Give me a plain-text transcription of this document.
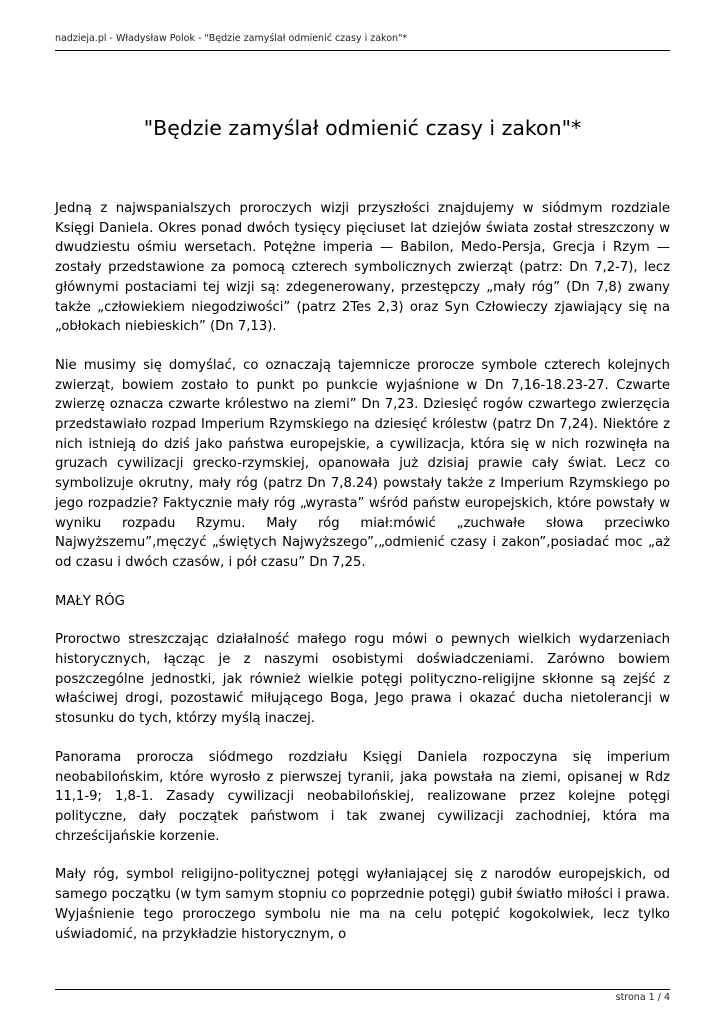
nadzieja.pl - Władysław Polok - "Będzie zamyślał odmienić czasy i zakon"*
"Będzie zamyślał odmienić czasy i zakon"*

Jedną z najwspanialszych proroczych wizji przyszłości znajdujemy w siódmym rozdziale Księgi Daniela. Okres ponad dwóch tysięcy pięciuset lat dziejów świata został streszczony w dwudziestu ośmiu wersetach. Potężne imperia — Babilon, Medo-Persja, Grecja i Rzym — zostały przedstawione za pomocą czterech symbolicznych zwierząt (patrz: Dn 7,2-7), lecz głównymi postaciami tej wizji są: zdegenerowany, przestępczy „mały róg” (Dn 7,8) zwany także „człowiekiem niegodziwości” (patrz 2Tes 2,3) oraz Syn Człowieczy zjawiający się na „obłokach niebieskich” (Dn 7,13).

Nie musimy się domyślać, co oznaczają tajemnicze prorocze symbole czterech kolejnych zwierząt, bowiem zostało to punkt po punkcie wyjaśnione w Dn 7,16-18.23-27. Czwarte zwierzę oznacza czwarte królestwo na ziemi” Dn 7,23. Dziesięć rogów czwartego zwierzęcia przedstawiało rozpad Imperium Rzymskiego na dziesięć królestw (patrz Dn 7,24). Niektóre z nich istnieją do dziś jako państwa europejskie, a cywilizacja, która się w nich rozwinęła na gruzach cywilizacji grecko-rzymskiej, opanowała już dzisiaj prawie cały świat. Lecz co symbolizuje okrutny, mały róg (patrz Dn 7,8.24) powstały także z Imperium Rzymskiego po jego rozpadzie? Faktycznie mały róg „wyrasta” wśród państw europejskich, które powstały w wyniku rozpadu Rzymu. Mały róg miał:mówić „zuchwałe słowa przeciwko Najwyższemu”,męczyć „świętych Najwyższego”,„odmienić czasy i zakon”,posiadać moc „aż od czasu i dwóch czasów, i pół czasu” Dn 7,25.

MAŁY RÓG

Proroctwo streszczając działalność małego rogu mówi o pewnych wielkich wydarzeniach historycznych, łącząc je z naszymi osobistymi doświadczeniami. Zarówno bowiem poszczególne jednostki, jak również wielkie potęgi polityczno-religijne skłonne są zejść z właściwej drogi, pozostawić miłującego Boga, Jego prawa i okazać ducha nietolerancji w stosunku do tych, którzy myślą inaczej.

Panorama prorocza siódmego rozdziału Księgi Daniela rozpoczyna się imperium neobabilońskim, które wyrosło z pierwszej tyranii, jaka powstała na ziemi, opisanej w Rdz 11,1-9; 1,8-1. Zasady cywilizacji neobabilońskiej, realizowane przez kolejne potęgi polityczne, dały początek państwom i tak zwanej cywilizacji zachodniej, która ma chrześcijańskie korzenie.

Mały róg, symbol religijno-politycznej potęgi wyłaniającej się z narodów europejskich, od samego początku (w tym samym stopniu co poprzednie potęgi) gubił światło miłości i prawa. Wyjaśnienie tego proroczego symbolu nie ma na celu potępić kogokolwiek, lecz tylko uświadomić, na przykładzie historycznym, o

strona 1 / 4
